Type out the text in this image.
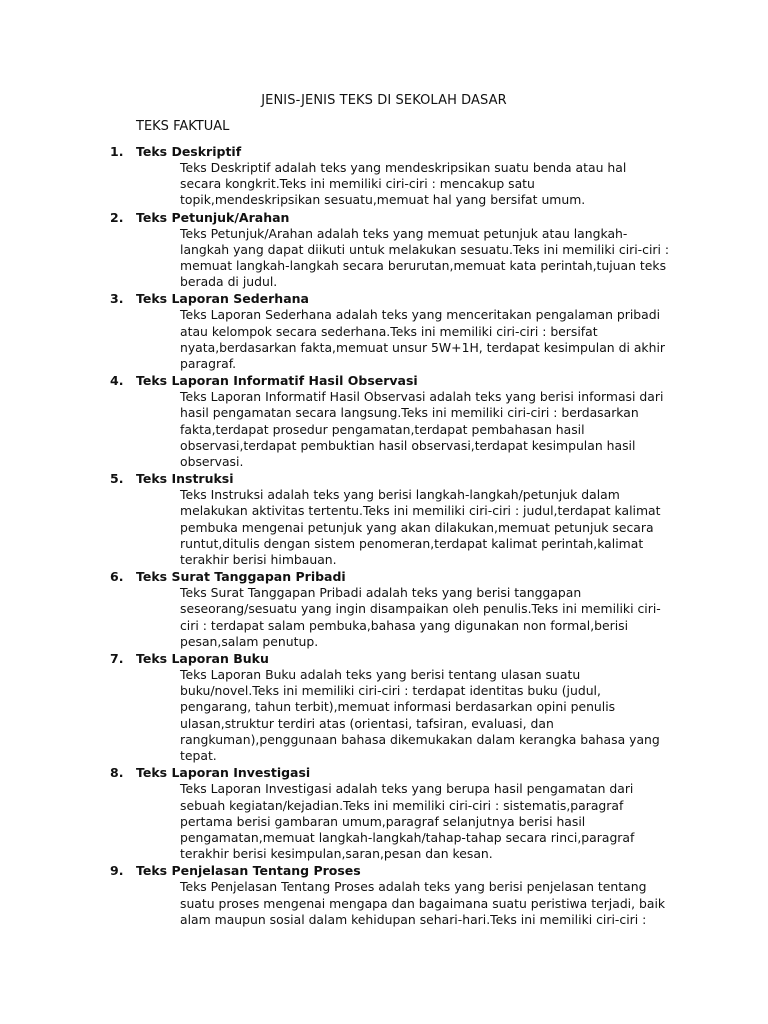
JENIS-JENIS TEKS DI SEKOLAH DASAR
TEKS FAKTUAL
1.	Teks Deskriptif
Teks Deskriptif adalah teks yang mendeskripsikan suatu benda atau hal
secara kongkrit.Teks ini memiliki ciri-ciri : mencakup satu
topik,mendeskripsikan sesuatu,memuat hal yang bersifat umum.
2.	Teks Petunjuk/Arahan
Teks Petunjuk/Arahan adalah teks yang memuat petunjuk atau langkah-
langkah yang dapat diikuti untuk melakukan sesuatu.Teks ini memiliki ciri-ciri :
memuat langkah-langkah secara berurutan,memuat kata perintah,tujuan teks
berada di judul.
3.	Teks Laporan Sederhana
Teks Laporan Sederhana adalah teks yang menceritakan pengalaman pribadi
atau kelompok secara sederhana.Teks ini memiliki ciri-ciri : bersifat
nyata,berdasarkan fakta,memuat unsur 5W+1H, terdapat kesimpulan di akhir
paragraf.
4.	Teks Laporan Informatif Hasil Observasi
Teks Laporan Informatif Hasil Observasi adalah teks yang berisi informasi dari
hasil pengamatan secara langsung.Teks ini memiliki ciri-ciri : berdasarkan
fakta,terdapat prosedur pengamatan,terdapat pembahasan hasil
observasi,terdapat pembuktian hasil observasi,terdapat kesimpulan hasil
observasi.
5.	Teks Instruksi
Teks Instruksi adalah teks yang berisi langkah-langkah/petunjuk dalam
melakukan aktivitas tertentu.Teks ini memiliki ciri-ciri : judul,terdapat kalimat
pembuka mengenai petunjuk yang akan dilakukan,memuat petunjuk secara
runtut,ditulis dengan sistem penomeran,terdapat kalimat perintah,kalimat
terakhir berisi himbauan.
6.	Teks Surat Tanggapan Pribadi
Teks Surat Tanggapan Pribadi adalah teks yang berisi tanggapan
seseorang/sesuatu yang ingin disampaikan oleh penulis.Teks ini memiliki ciri-
ciri : terdapat salam pembuka,bahasa yang digunakan non formal,berisi
pesan,salam penutup.
7.	Teks Laporan Buku
Teks Laporan Buku adalah teks yang berisi tentang ulasan suatu
buku/novel.Teks ini memiliki ciri-ciri : terdapat identitas buku (judul,
pengarang, tahun terbit),memuat informasi berdasarkan opini penulis
ulasan,struktur terdiri atas (orientasi, tafsiran, evaluasi, dan
rangkuman),penggunaan bahasa dikemukakan dalam kerangka bahasa yang
tepat.
8.	Teks Laporan Investigasi
Teks Laporan Investigasi adalah teks yang berupa hasil pengamatan dari
sebuah kegiatan/kejadian.Teks ini memiliki ciri-ciri : sistematis,paragraf
pertama berisi gambaran umum,paragraf selanjutnya berisi hasil
pengamatan,memuat langkah-langkah/tahap-tahap secara rinci,paragraf
terakhir berisi kesimpulan,saran,pesan dan kesan.
9.	Teks Penjelasan Tentang Proses
Teks Penjelasan Tentang Proses adalah teks yang berisi penjelasan tentang
suatu proses mengenai mengapa dan bagaimana suatu peristiwa terjadi, baik
alam maupun sosial dalam kehidupan sehari-hari.Teks ini memiliki ciri-ciri :
